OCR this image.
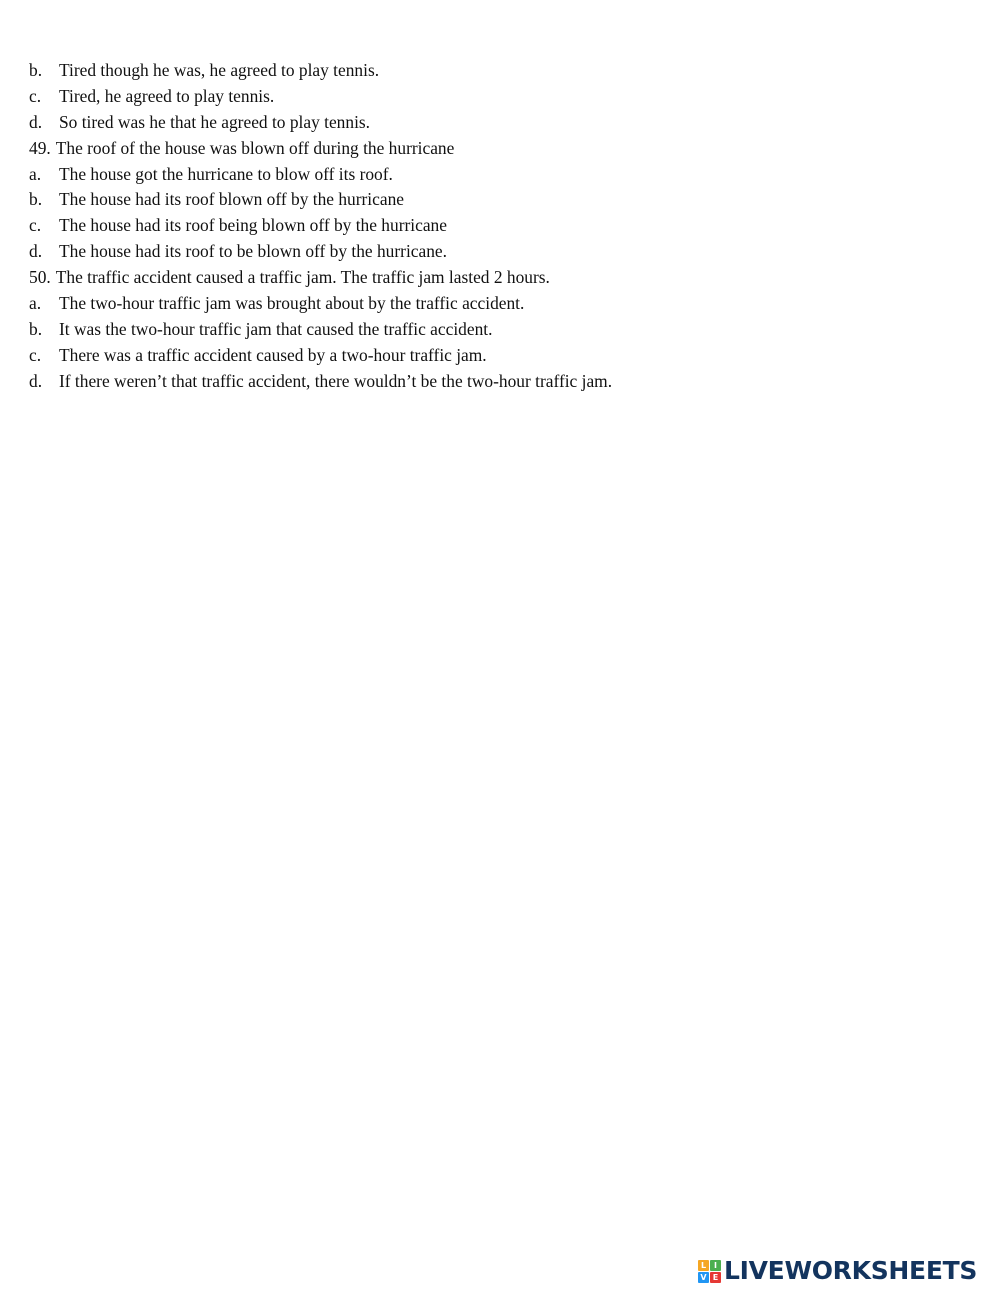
b. Tired though he was, he agreed to play tennis.
c.	Tired, he agreed to play tennis.
d. So tired was he that he agreed to play tennis.
49. The roof of the house was blown off during the hurricane
a.	The house got the hurricane to blow off its roof.
b. The house had its roof blown off by the hurricane
c.	The house had its roof being blown off by the hurricane
d. The house had its roof to be blown off by the hurricane.
50. The traffic accident caused a traffic jam. The traffic jam lasted 2 hours.
a.	The two-hour traffic jam was brought about by the traffic accident.
b. It was the two-hour traffic jam that caused the traffic accident.
c.	There was a traffic accident caused by a two-hour traffic jam.
d. If there weren’t that traffic accident, there wouldn’t be the two-hour traffic jam.
L I
V E LIVEWORKSHEETS
